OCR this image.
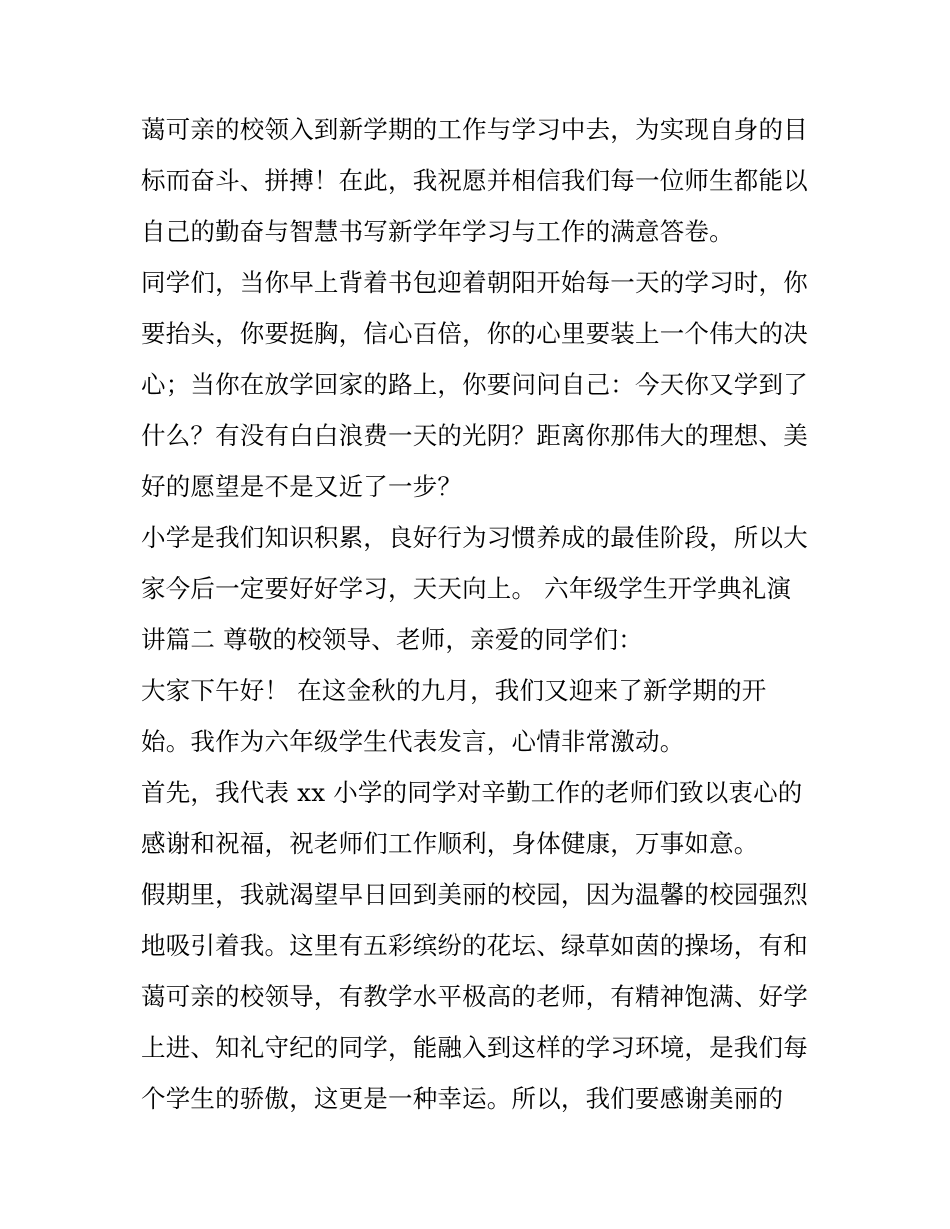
蔼可亲的校领入到新学期的工作与学习中去，为实现自身的目
标而奋斗、拼搏！在此，我祝愿并相信我们每一位师生都能以
自己的勤奋与智慧书写新学年学习与工作的满意答卷。
同学们，当你早上背着书包迎着朝阳开始每一天的学习时，你
要抬头，你要挺胸，信心百倍，你的心里要装上一个伟大的决
心；当你在放学回家的路上，你要问问自己：今天你又学到了
什么？有没有白白浪费一天的光阴？距离你那伟大的理想、美
好的愿望是不是又近了一步？
小学是我们知识积累，良好行为习惯养成的最佳阶段，所以大
家今后一定要好好学习，天天向上。 六年级学生开学典礼演
讲篇二 尊敬的校领导、老师，亲爱的同学们：
大家下午好！ 在这金秋的九月，我们又迎来了新学期的开
始。我作为六年级学生代表发言，心情非常激动。
首先，我代表 xx 小学的同学对辛勤工作的老师们致以衷心的
感谢和祝福，祝老师们工作顺利，身体健康，万事如意。
假期里，我就渴望早日回到美丽的校园，因为温馨的校园强烈
地吸引着我。这里有五彩缤纷的花坛、绿草如茵的操场，有和
蔼可亲的校领导，有教学水平极高的老师，有精神饱满、好学
上进、知礼守纪的同学，能融入到这样的学习环境，是我们每
个学生的骄傲，这更是一种幸运。所以，我们要感谢美丽的
